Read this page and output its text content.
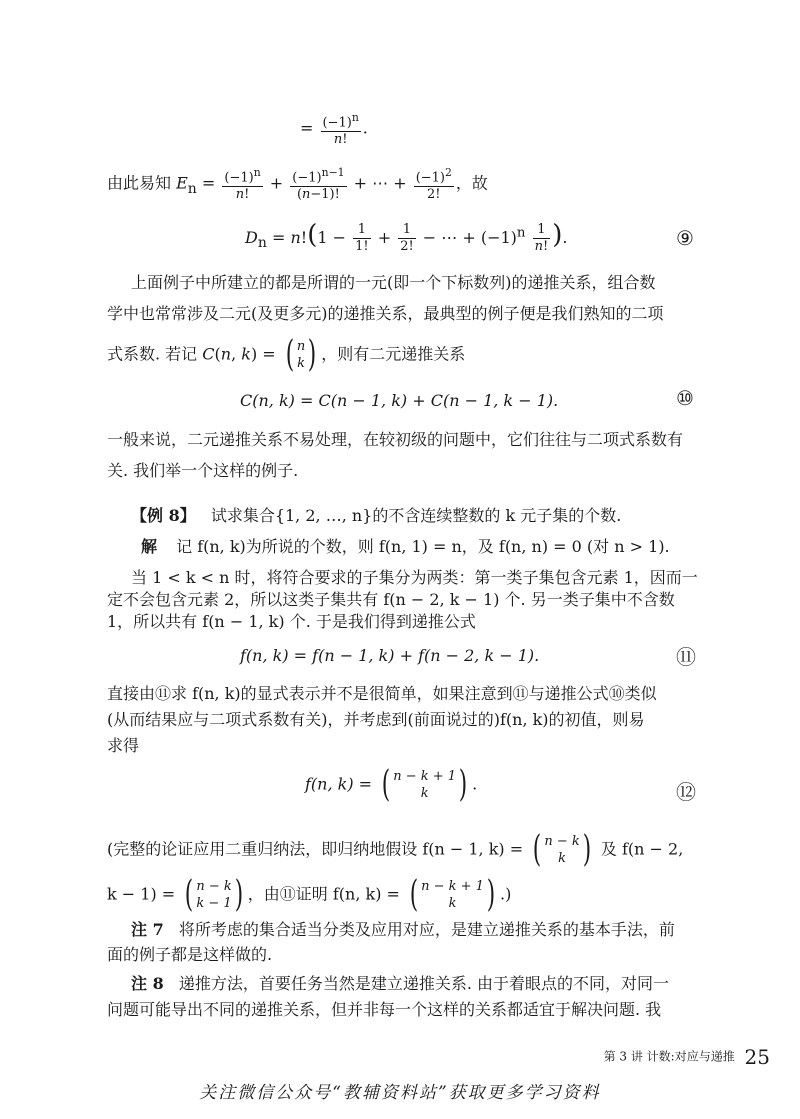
= $\frac{(-1)^n}{n!}$ .
由此易知 $E_n = \frac{(-1)^n}{n!} + \frac{(-1)^{n-1}}{(n-1)!}$ + ⋯ + $\frac{(-1)^2}{2!}$ ，故
$D_n = n!(1 - \frac{1}{1!} + \frac{1}{2!}$ − ⋯ + $(-1)^n \frac{1}{n!}$ ).	⑨
上面例子中所建立的都是所谓的一元(即一个下标数列)的递推关系，组合数
学中也常常涉及二元(及更多元)的递推关系，最典型的例子便是我们熟知的二项
式系数. 若记 C(n, k) = ( n
k ) ，则有二元递推关系
C(n, k) = C(n − 1, k) + C(n − 1, k − 1).	⑩
一般来说，二元递推关系不易处理，在较初级的问题中，它们往往与二项式系数有
关. 我们举一个这样的例子.
【例 8】 试求集合{1, 2, …, n}的不含连续整数的 k 元子集的个数.
解 记 f(n, k)为所说的个数，则 f(n, 1) = n，及 f(n, n) = 0 (对 n > 1).
当 1 < k < n 时，将符合要求的子集分为两类：第一类子集包含元素 1，因而一
定不会包含元素 2，所以这类子集共有 f(n − 2, k − 1) 个. 另一类子集中不含数
1，所以共有 f(n − 1, k) 个. 于是我们得到递推公式
f(n, k) = f(n − 1, k) + f(n − 2, k − 1).	⑪
直接由⑪求 f(n, k)的显式表示并不是很简单，如果注意到⑪与递推公式⑩类似
(从而结果应与二项式系数有关)，并考虑到(前面说过的)f(n, k)的初值，则易
求得
f(n, k) = ( n − k + 1
k ) .	⑫
(完整的论证应用二重归纳法，即归纳地假设 f(n − 1, k) = ( n − k
k ) 及 f(n − 2,
k − 1) = ( n − k
k − 1 ) ，由⑪证明 f(n, k) = ( n − k + 1
k ) .)
注 7 将所考虑的集合适当分类及应用对应，是建立递推关系的基本手法，前
面的例子都是这样做的.
注 8 递推方法，首要任务当然是建立递推关系. 由于着眼点的不同，对同一
问题可能导出不同的递推关系，但并非每一个这样的关系都适宜于解决问题. 我
第 3 讲 计数:对应与递推 25
关注微信公众号“教辅资料站”获取更多学习资料
